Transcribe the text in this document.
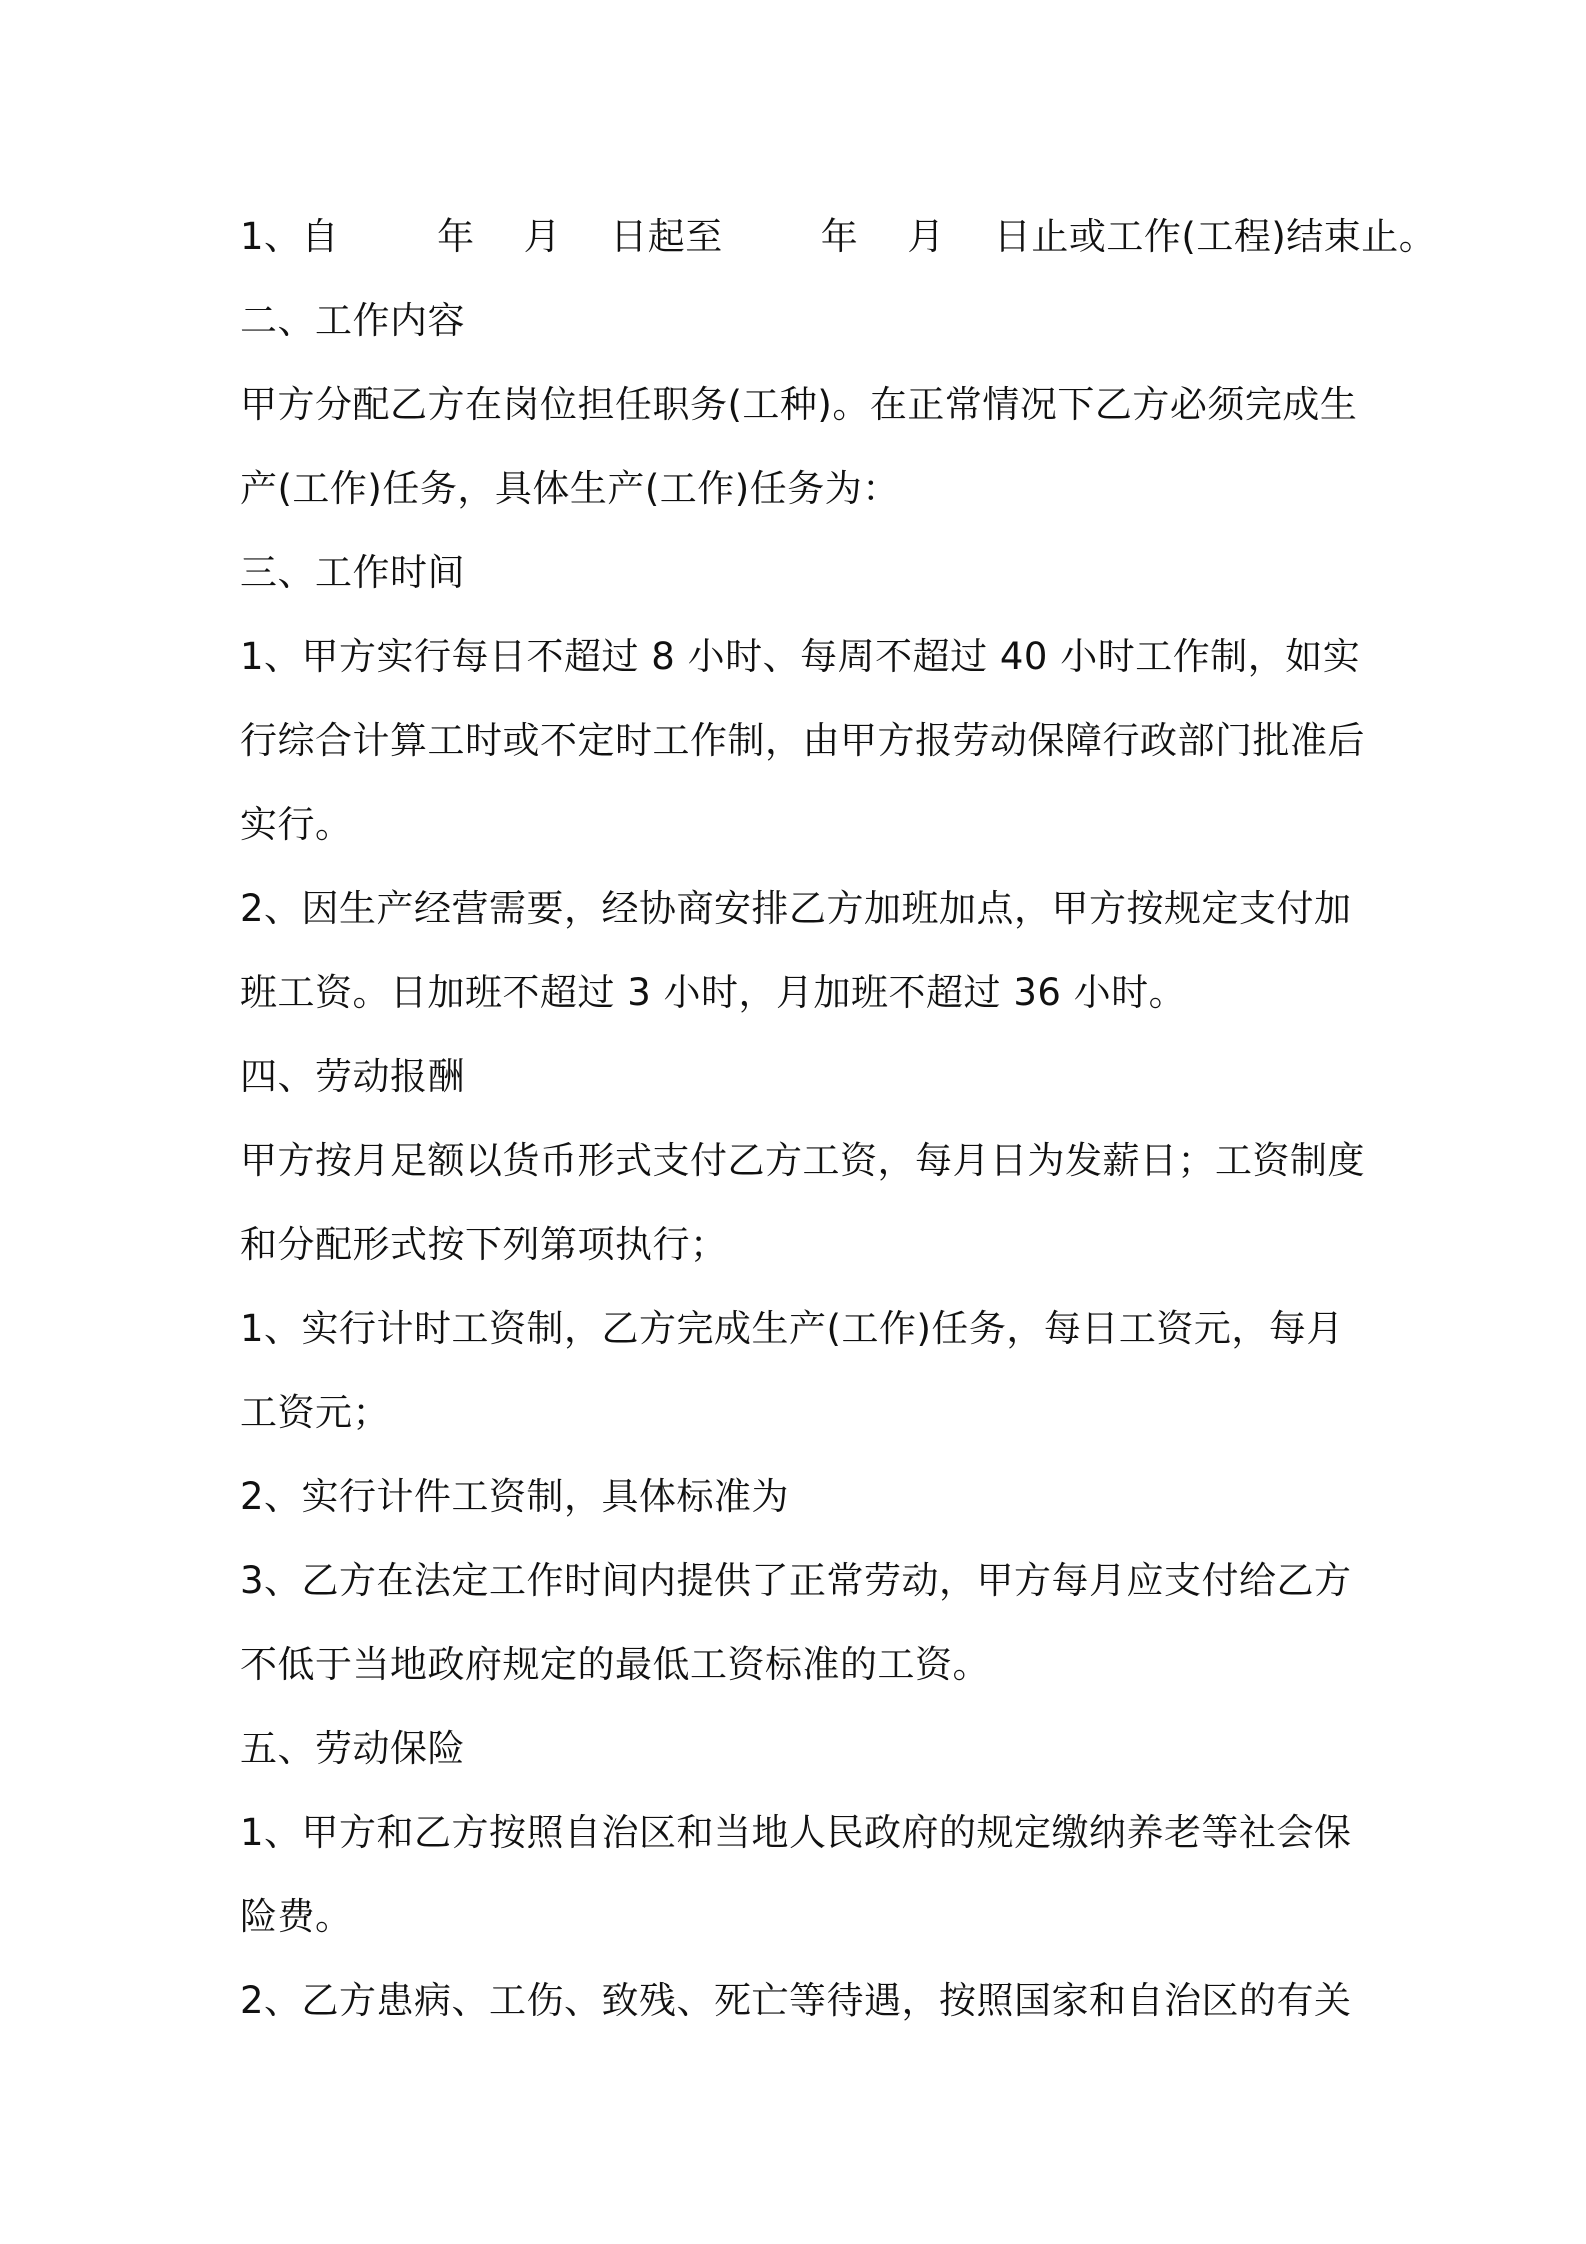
1、自        年    月    日起至        年    月    日止或工作(工程)结束止。
二、工作内容
甲方分配乙方在岗位担任职务(工种)。在正常情况下乙方必须完成生
产(工作)任务，具体生产(工作)任务为：
三、工作时间
1、甲方实行每日不超过 8 小时、每周不超过 40 小时工作制，如实
行综合计算工时或不定时工作制，由甲方报劳动保障行政部门批准后
实行。
2、因生产经营需要，经协商安排乙方加班加点，甲方按规定支付加
班工资。日加班不超过 3 小时，月加班不超过 36 小时。
四、劳动报酬
甲方按月足额以货币形式支付乙方工资，每月日为发薪日；工资制度
和分配形式按下列第项执行；
1、实行计时工资制，乙方完成生产(工作)任务，每日工资元，每月
工资元；
2、实行计件工资制，具体标准为
3、乙方在法定工作时间内提供了正常劳动，甲方每月应支付给乙方
不低于当地政府规定的最低工资标准的工资。
五、劳动保险
1、甲方和乙方按照自治区和当地人民政府的规定缴纳养老等社会保
险费。
2、乙方患病、工伤、致残、死亡等待遇，按照国家和自治区的有关
